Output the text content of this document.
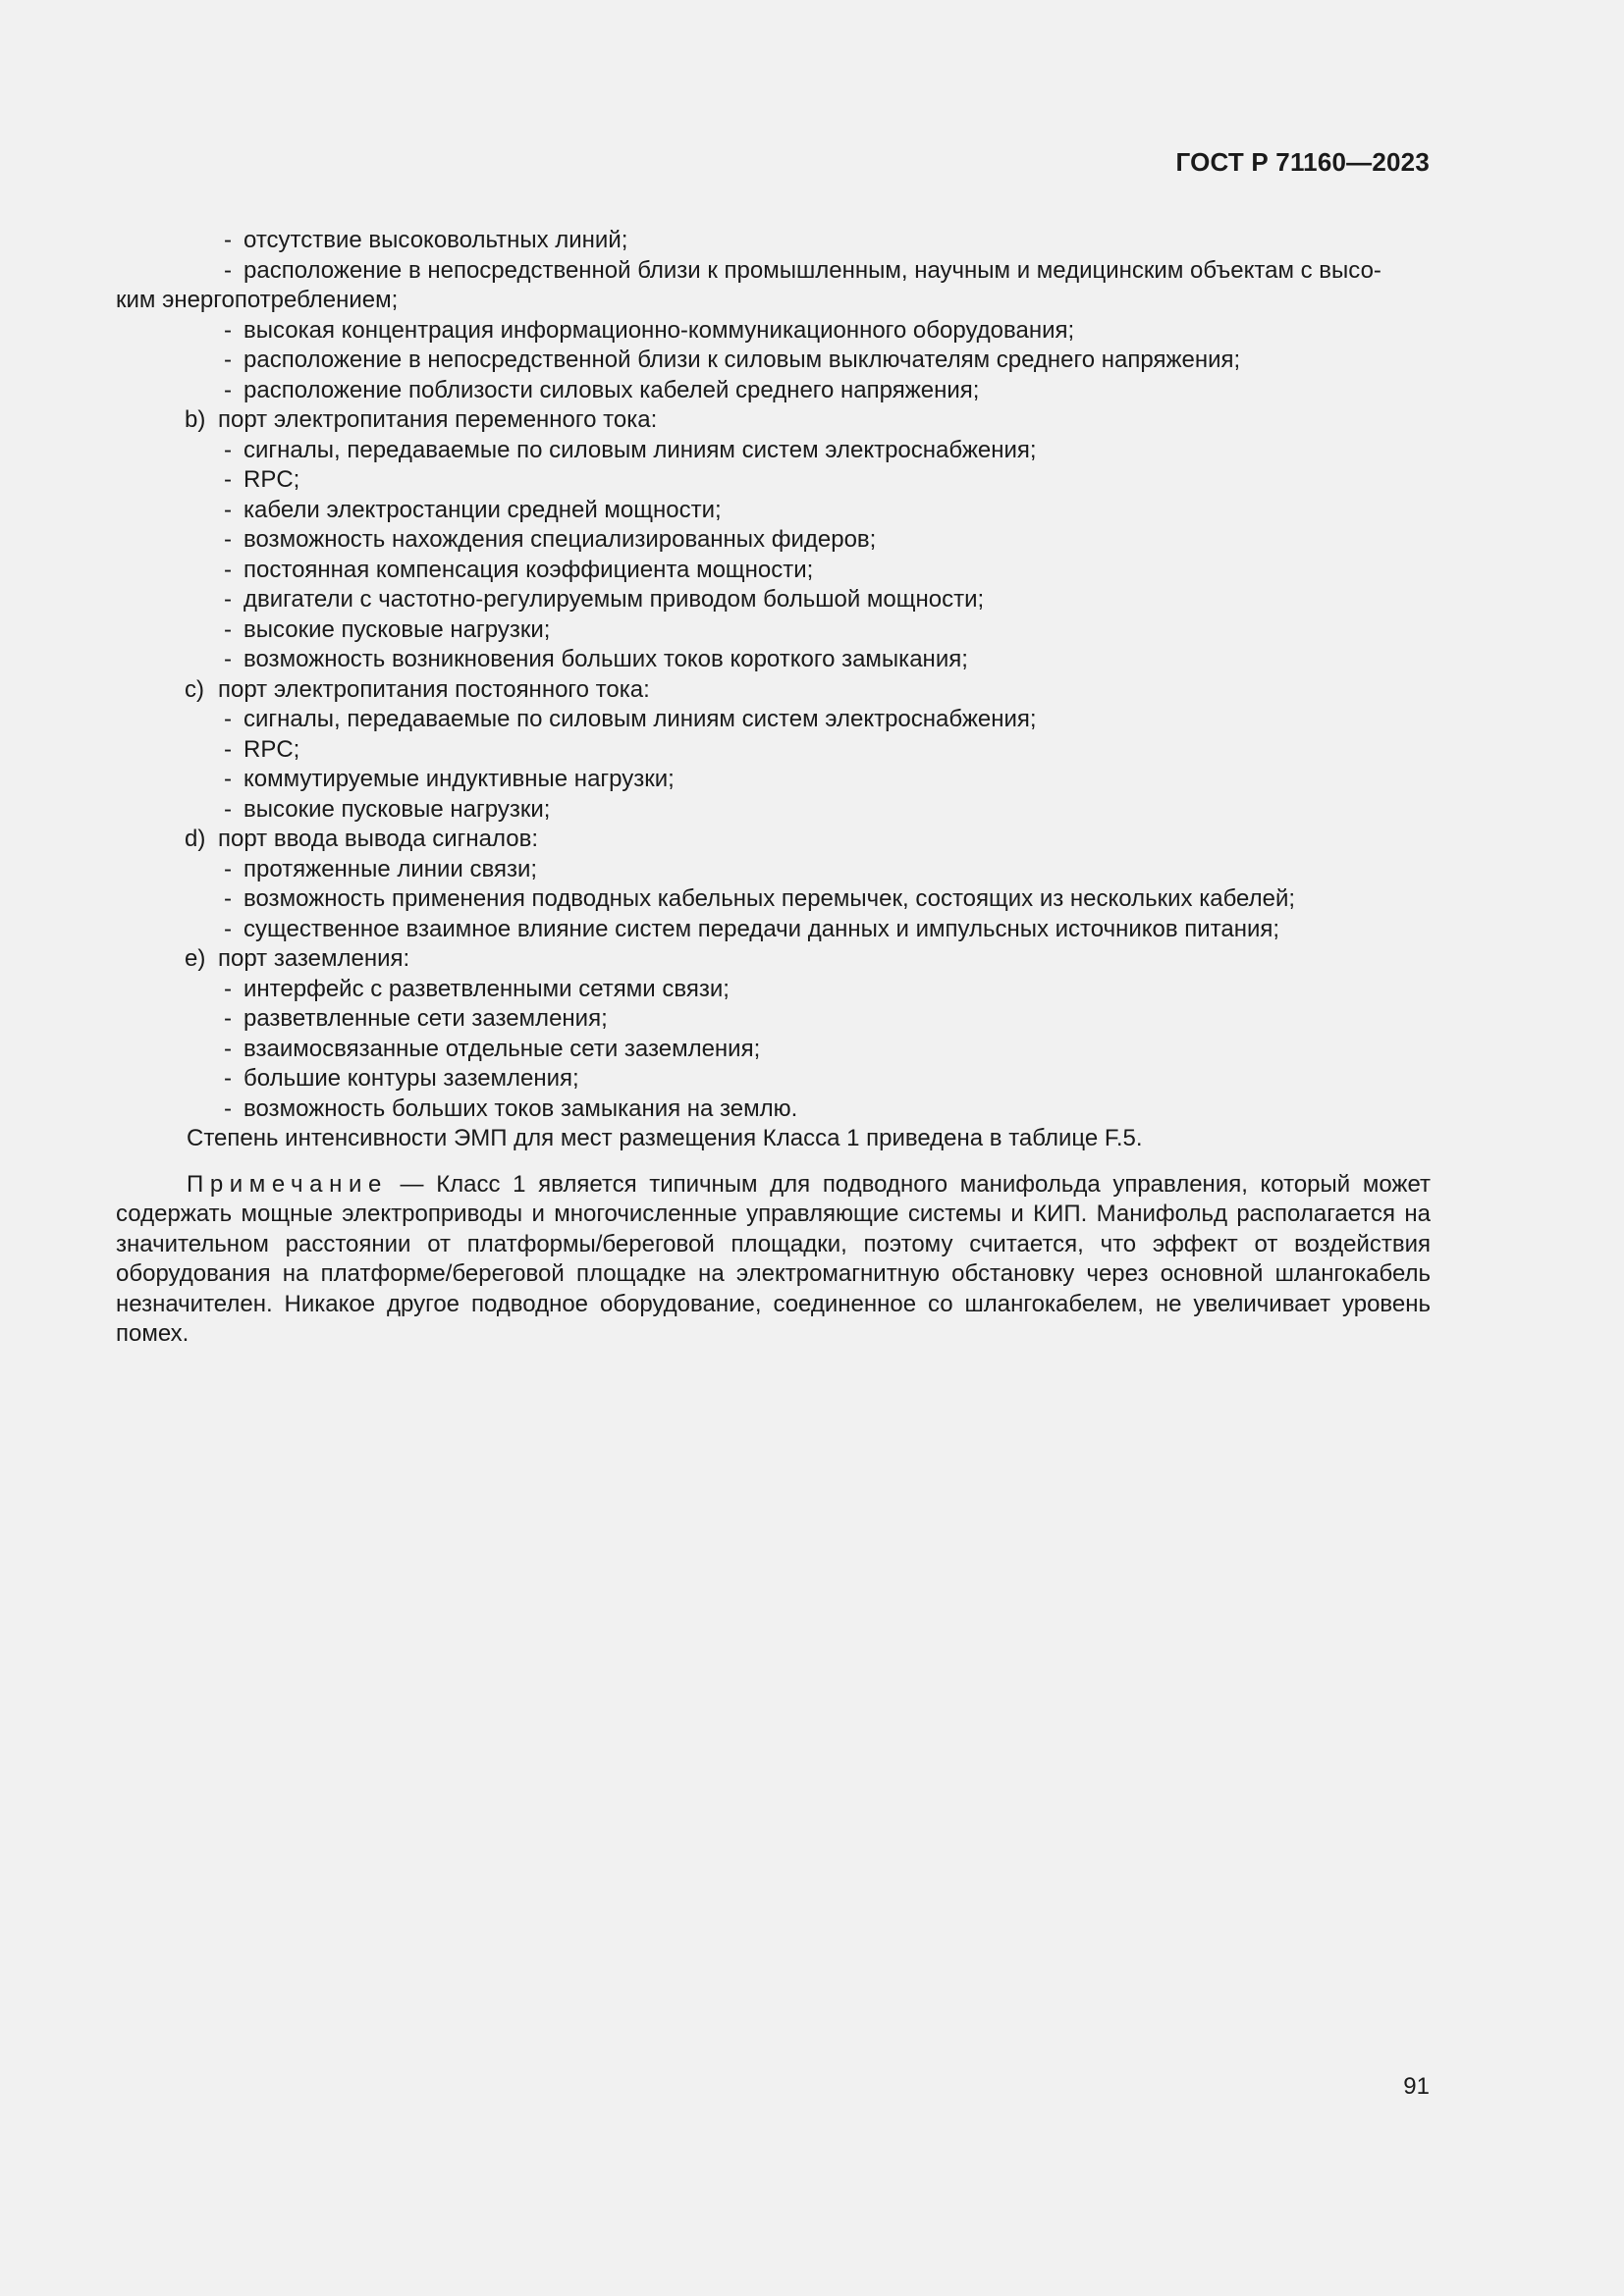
ГОСТ Р 71160—2023
- отсутствие высоковольтных линий;
- расположение в непосредственной близи к промышленным, научным и медицинским объектам с высо-
ким энергопотреблением;
- высокая концентрация информационно-коммуникационного оборудования;
- расположение в непосредственной близи к силовым выключателям среднего напряжения;
- расположение поблизости силовых кабелей среднего напряжения;
b) порт электропитания переменного тока:
- сигналы, передаваемые по силовым линиям систем электроснабжения;
- RPC;
- кабели электростанции средней мощности;
- возможность нахождения специализированных фидеров;
- постоянная компенсация коэффициента мощности;
- двигатели с частотно-регулируемым приводом большой мощности;
- высокие пусковые нагрузки;
- возможность возникновения больших токов короткого замыкания;
c) порт электропитания постоянного тока:
- сигналы, передаваемые по силовым линиям систем электроснабжения;
- RPC;
- коммутируемые индуктивные нагрузки;
- высокие пусковые нагрузки;
d) порт ввода вывода сигналов:
- протяженные линии связи;
- возможность применения подводных кабельных перемычек, состоящих из нескольких кабелей;
- существенное взаимное влияние систем передачи данных и импульсных источников питания;
e) порт заземления:
- интерфейс с разветвленными сетями связи;
- разветвленные сети заземления;
- взаимосвязанные отдельные сети заземления;
- большие контуры заземления;
- возможность больших токов замыкания на землю.
Степень интенсивности ЭМП для мест размещения Класса 1 приведена в таблице F.5.
Примечание — Класс 1 является типичным для подводного манифольда управления, который может содержать мощные электроприводы и многочисленные управляющие системы и КИП. Манифольд располагается на значительном расстоянии от платформы/береговой площадки, поэтому считается, что эффект от воздействия оборудования на платформе/береговой площадке на электромагнитную обстановку через основной шлангокабель незначителен. Никакое другое подводное оборудование, соединенное со шлангокабелем, не увеличивает уровень помех.
91
